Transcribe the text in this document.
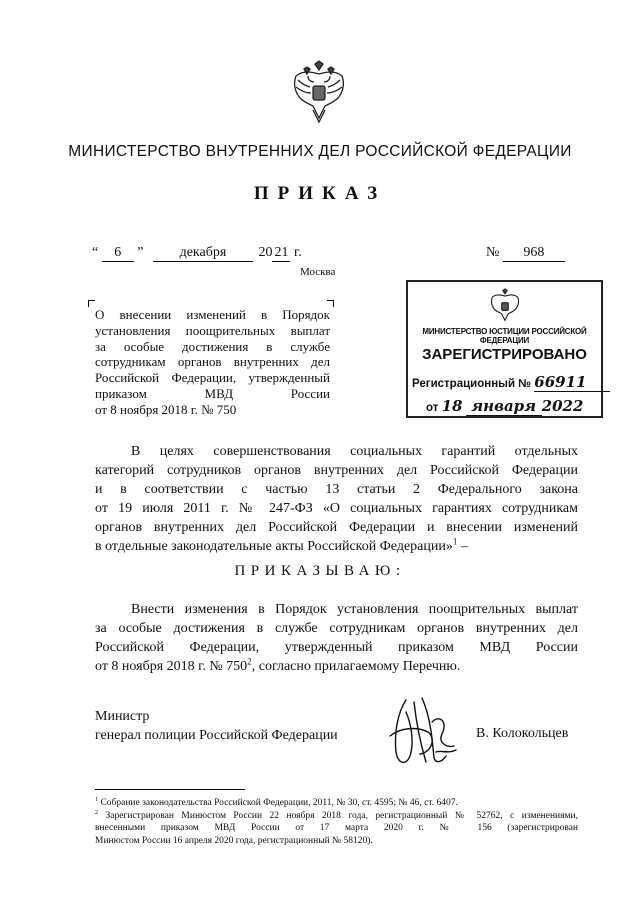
МИНИСТЕРСТВО ВНУТРЕННИХ ДЕЛ РОССИЙСКОЙ ФЕДЕРАЦИИ
ПРИКАЗ
“ 6 ”	декабря 20 21 г.	№ 968
Москва
О внесении изменений в Порядок
установления поощрительных выплат
за особые достижения в службе
сотрудникам органов внутренних дел
Российской Федерации, утвержденный
приказом МВД России
от 8 ноября 2018 г. № 750
МИНИСТЕРСТВО ЮСТИЦИИ РОССИЙСКОЙ ФЕДЕРАЦИИ
ЗАРЕГИСТРИРОВАНО
Регистрационный № 66911
от 18 января 2022
В целях совершенствования социальных гарантий отдельных
категорий сотрудников органов внутренних дел Российской Федерации
и в соответствии с частью 13 статьи 2 Федерального закона
от 19 июля 2011 г. № 247-ФЗ «О социальных гарантиях сотрудникам
органов внутренних дел Российской Федерации и внесении изменений
в отдельные законодательные акты Российской Федерации»$^1$ –
ПРИКАЗЫВАЮ:
Внести изменения в Порядок установления поощрительных выплат
за особые достижения в службе сотрудникам органов внутренних дел
Российской Федерации, утвержденный приказом МВД России
от 8 ноября 2018 г. № $750^2$, согласно прилагаемому Перечню.
Министр
генерал полиции Российской Федерации	В. Колокольцев
$^1$ Собрание законодательства Российской Федерации, 2011, № 30, ст. 4595; № 46, ст. 6407.
$^2$ Зарегистрирован Минюстом России 22 ноября 2018 года, регистрационный № 52762, с изменениями,
внесенными приказом МВД России от 17 марта 2020 г. № 156 (зарегистрирован
Минюстом России 16 апреля 2020 года, регистрационный № 58120).
